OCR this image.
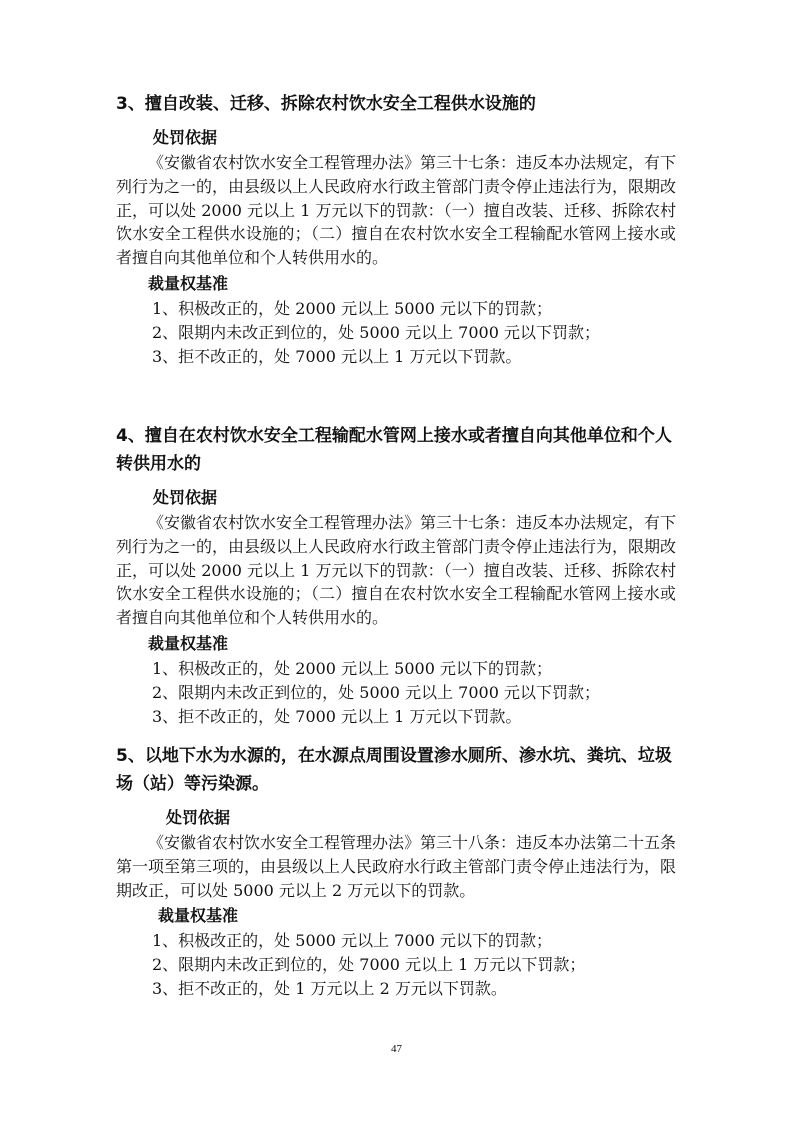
3、擅自改装、迁移、拆除农村饮水安全工程供水设施的

处罚依据

《安徽省农村饮水安全工程管理办法》第三十七条：违反本办法规定，有下列行为之一的，由县级以上人民政府水行政主管部门责令停止违法行为，限期改正，可以处 2000 元以上 1 万元以下的罚款：（一）擅自改装、迁移、拆除农村饮水安全工程供水设施的；（二）擅自在农村饮水安全工程输配水管网上接水或者擅自向其他单位和个人转供用水的。

裁量权基准

1、积极改正的，处 2000 元以上 5000 元以下的罚款；

2、限期内未改正到位的，处 5000 元以上 7000 元以下罚款；

3、拒不改正的，处 7000 元以上 1 万元以下罚款。

4、擅自在农村饮水安全工程输配水管网上接水或者擅自向其他单位和个人转供用水的

处罚依据

《安徽省农村饮水安全工程管理办法》第三十七条：违反本办法规定，有下列行为之一的，由县级以上人民政府水行政主管部门责令停止违法行为，限期改正，可以处 2000 元以上 1 万元以下的罚款：（一）擅自改装、迁移、拆除农村饮水安全工程供水设施的；（二）擅自在农村饮水安全工程输配水管网上接水或者擅自向其他单位和个人转供用水的。

裁量权基准

1、积极改正的，处 2000 元以上 5000 元以下的罚款；

2、限期内未改正到位的，处 5000 元以上 7000 元以下罚款；

3、拒不改正的，处 7000 元以上 1 万元以下罚款。

5、以地下水为水源的，在水源点周围设置渗水厕所、渗水坑、粪坑、垃圾场（站）等污染源。

处罚依据

《安徽省农村饮水安全工程管理办法》第三十八条：违反本办法第二十五条第一项至第三项的，由县级以上人民政府水行政主管部门责令停止违法行为，限期改正，可以处 5000 元以上 2 万元以下的罚款。

裁量权基准

1、积极改正的，处 5000 元以上 7000 元以下的罚款；

2、限期内未改正到位的，处 7000 元以上 1 万元以下罚款；

3、拒不改正的，处 1 万元以上 2 万元以下罚款。

47
